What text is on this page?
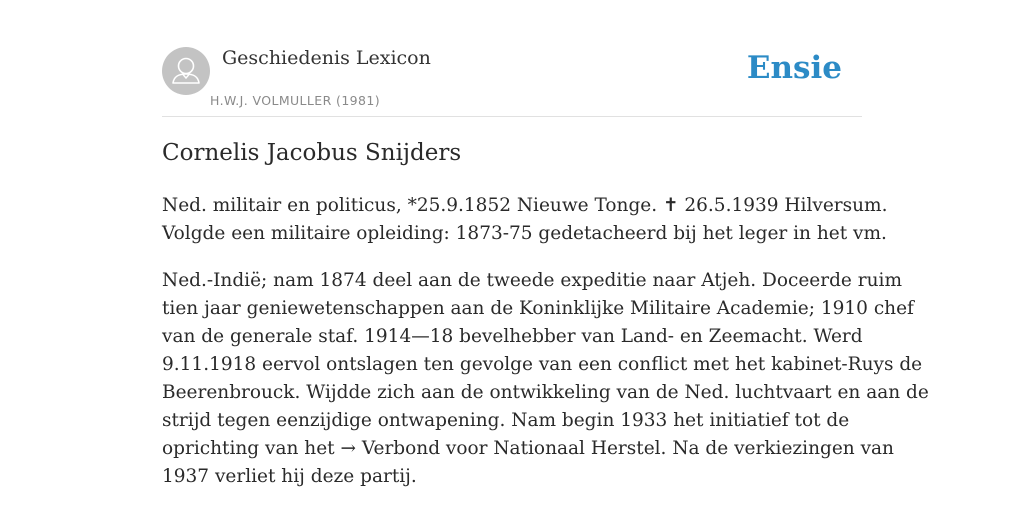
Geschiedenis Lexicon
H.W.J. VOLMULLER (1981)
Ensie
Cornelis Jacobus Snijders

Ned. militair en politicus, *25.9.1852 Nieuwe Tonge. ✝ 26.5.1939 Hilversum.
Volgde een militaire opleiding: 1873-75 gedetacheerd bij het leger in het vm.

Ned.-Indië; nam 1874 deel aan de tweede expeditie naar Atjeh. Doceerde ruim
tien jaar geniewetenschappen aan de Koninklijke Militaire Academie; 1910 chef
van de generale staf. 1914—18 bevelhebber van Land- en Zeemacht. Werd
9.11.1918 eervol ontslagen ten gevolge van een conflict met het kabinet-Ruys de
Beerenbrouck. Wijdde zich aan de ontwikkeling van de Ned. luchtvaart en aan de
strijd tegen eenzijdige ontwapening. Nam begin 1933 het initiatief tot de
oprichting van het → Verbond voor Nationaal Herstel. Na de verkiezingen van
1937 verliet hij deze partij.
